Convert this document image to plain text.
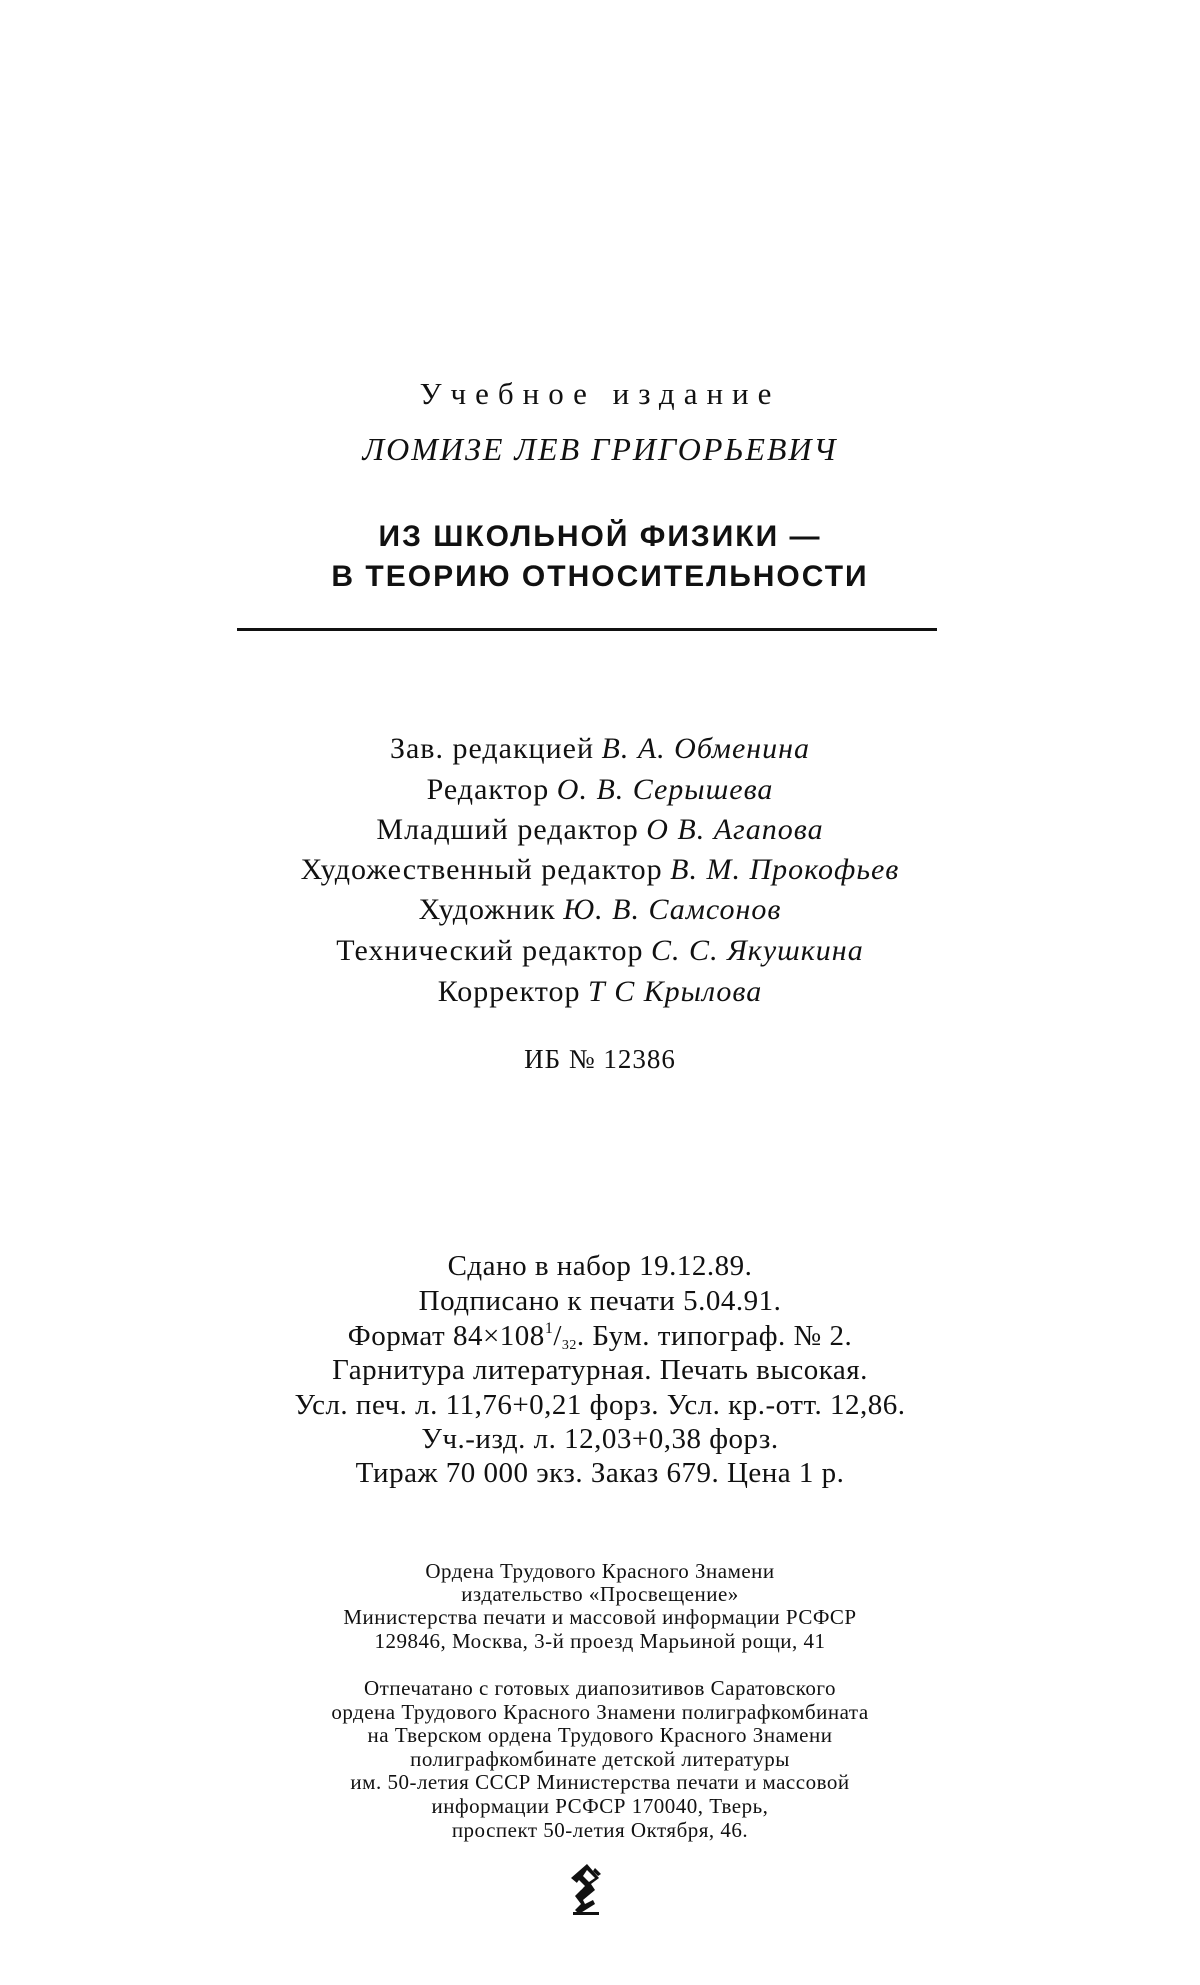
Учебное издание
ЛОМИЗЕ ЛЕВ ГРИГОРЬЕВИЧ
ИЗ ШКОЛЬНОЙ ФИЗИКИ —
В ТЕОРИЮ ОТНОСИТЕЛЬНОСТИ
Зав. редакцией В. А. Обменина
Редактор О. В. Серышева
Младший редактор О В. Агапова
Художественный редактор В. М. Прокофьев
Художник Ю. В. Самсонов
Технический редактор С. С. Якушкина
Корректор Т С Крылова
ИБ № 12386
Сдано в набор 19.12.89.
Подписано к печати 5.04.91.
Формат $84\times 108^1/_{32}$. Бум. типограф. № 2.
Гарнитура литературная. Печать высокая.
Усл. печ. л. 11,76+0,21 форз. Усл. кр.-отт. 12,86.
Уч.-изд. л. 12,03+0,38 форз.
Тираж 70 000 экз. Заказ 679. Цена 1 р.
Ордена Трудового Красного Знамени
издательство «Просвещение»
Министерства печати и массовой информации РСФСР
129846, Москва, 3-й проезд Марьиной рощи, 41
Отпечатано с готовых диапозитивов Саратовского
ордена Трудового Красного Знамени полиграфкомбината
на Тверском ордена Трудового Красного Знамени
полиграфкомбинате детской литературы
им. 50-летия СССР Министерства печати и массовой
информации РСФСР 170040, Тверь,
проспект 50-летия Октября, 46.
